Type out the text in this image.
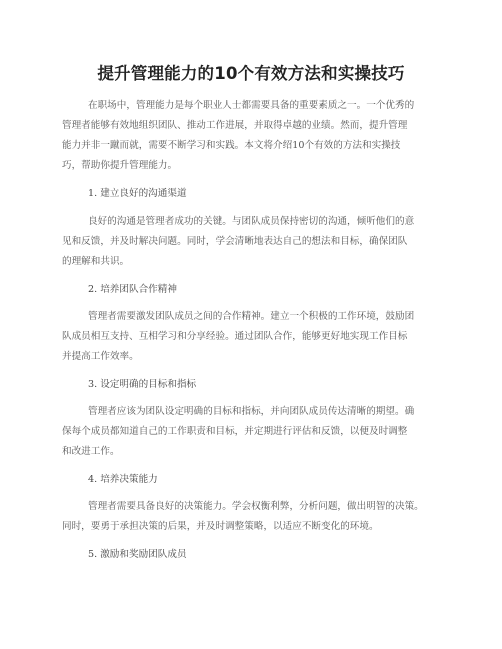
提升管理能力的10个有效方法和实操技巧

在职场中，管理能力是每个职业人士都需要具备的重要素质之一。一个优秀的
管理者能够有效地组织团队、推动工作进展，并取得卓越的业绩。然而，提升管理
能力并非一蹴而就，需要不断学习和实践。本文将介绍10个有效的方法和实操技
巧，帮助你提升管理能力。

1. 建立良好的沟通渠道

良好的沟通是管理者成功的关键。与团队成员保持密切的沟通，倾听他们的意
见和反馈，并及时解决问题。同时，学会清晰地表达自己的想法和目标，确保团队
的理解和共识。

2. 培养团队合作精神

管理者需要激发团队成员之间的合作精神。建立一个积极的工作环境，鼓励团
队成员相互支持、互相学习和分享经验。通过团队合作，能够更好地实现工作目标
并提高工作效率。

3. 设定明确的目标和指标

管理者应该为团队设定明确的目标和指标，并向团队成员传达清晰的期望。确
保每个成员都知道自己的工作职责和目标，并定期进行评估和反馈，以便及时调整
和改进工作。

4. 培养决策能力

管理者需要具备良好的决策能力。学会权衡利弊，分析问题，做出明智的决策。
同时，要勇于承担决策的后果，并及时调整策略，以适应不断变化的环境。

5. 激励和奖励团队成员
